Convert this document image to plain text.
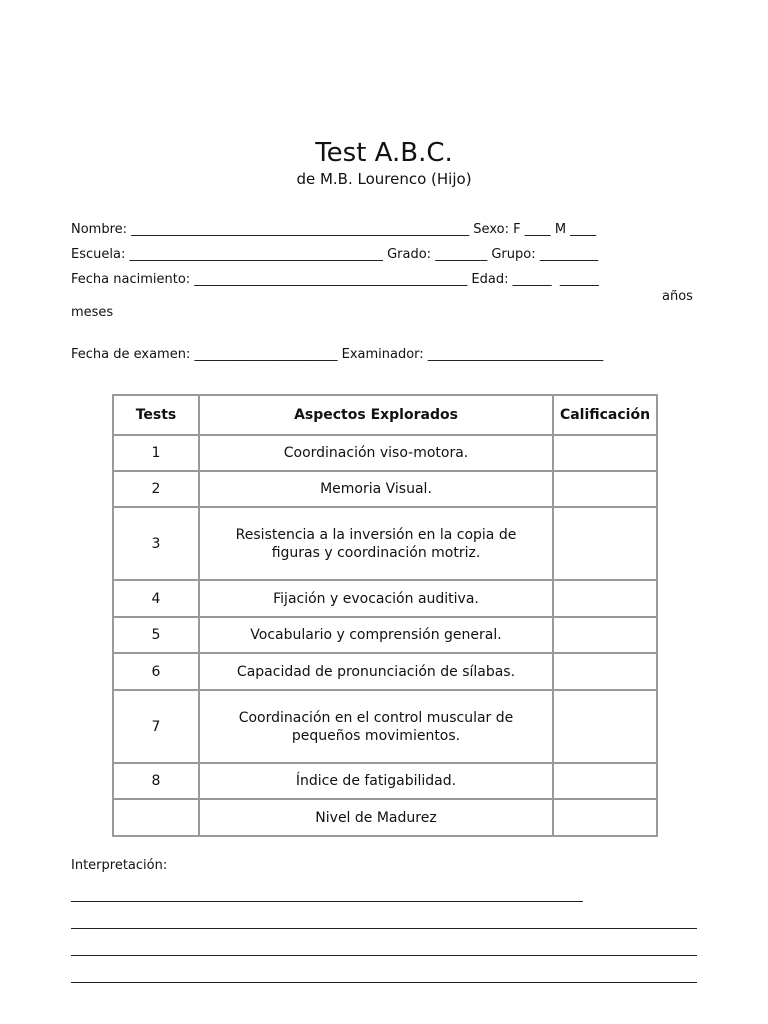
Test A.B.C.
de M.B. Lourenco (Hijo)
Nombre: ____________________________________________________ Sexo: F ____ M ____
Escuela: _______________________________________ Grado: ________ Grupo: _________
Fecha nacimiento: __________________________________________ Edad: ______  ______
años
meses
Fecha de examen: ______________________ Examinador: ___________________________
Tests	Aspectos Explorados	Calificación
1	Coordinación viso-motora.	
2	Memoria Visual.	
3	Resistencia a la inversión en la copia de figuras y coordinación motriz.	
4	Fijación y evocación auditiva.	
5	Vocabulario y comprensión general.	
6	Capacidad de pronunciación de sílabas.	
7	Coordinación en el control muscular de pequeños movimientos.	
8	Índice de fatigabilidad.	
	Nivel de Madurez	
Interpretación:
